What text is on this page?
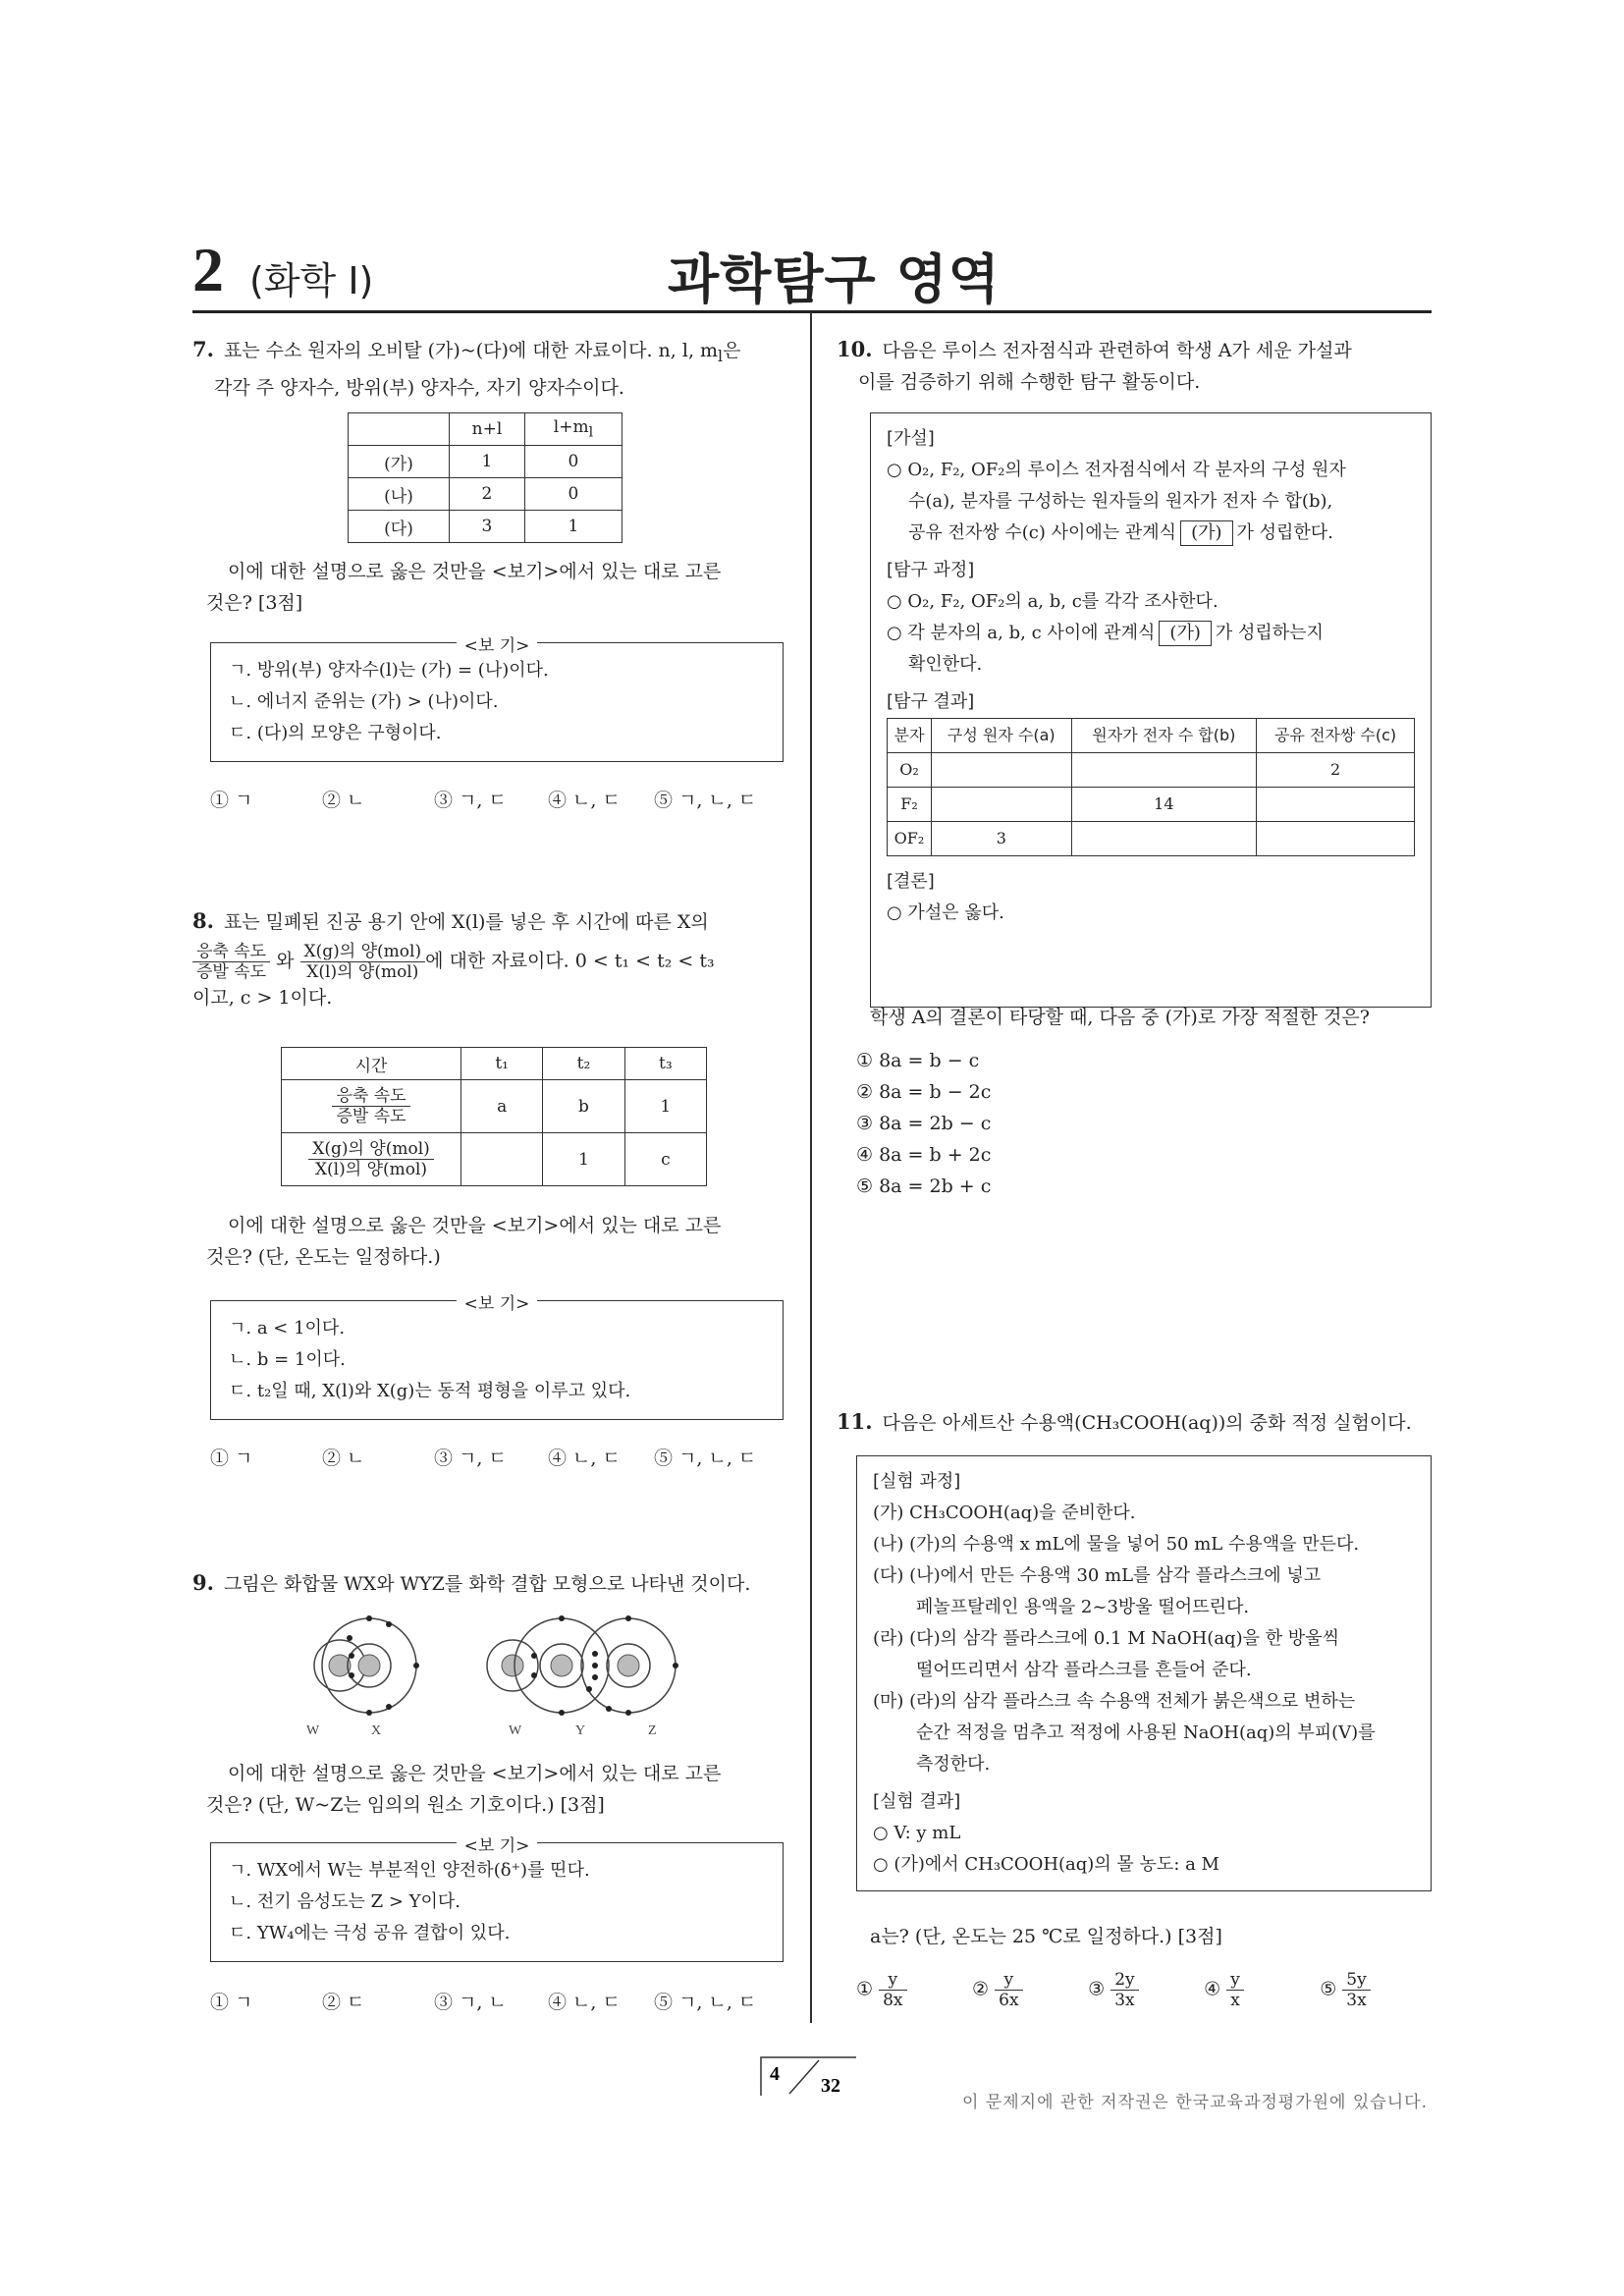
2 (화학 I)	과학탐구 영역
7. 표는 수소 원자의 오비탈 (가)~(다)에 대한 자료이다. n, l, $m_l$은
각각 주 양자수, 방위(부) 양자수, 자기 양자수이다.
	n+l	$l+m_l$
(가)	1	0
(나)	2	0
(다)	3	1
이에 대한 설명으로 옳은 것만을 <보기>에서 있는 대로 고른
것은? [3점]
<보 기>
ㄱ. 방위(부) 양자수(l)는 (가) = (나)이다.
ㄴ. 에너지 준위는 (가) > (나)이다.
ㄷ. (다)의 모양은 구형이다.
① ㄱ	② ㄴ	③ ㄱ, ㄷ	④ ㄴ, ㄷ	⑤ ㄱ, ㄴ, ㄷ
8. 표는 밀폐된 진공 용기 안에 X(l)를 넣은 후 시간에 따른 X의
$\frac{\text{응축 속도}}{\text{증발 속도}}$ 와 $\frac{\text{X(g)의 양(mol)}}{\text{X(l)의 양(mol)}}$ 에 대한 자료이다. 0 < t₁ < t₂ < t₃
이고, c > 1이다.
시간	t₁	t₂	t₃

$\frac{\text{응축 속도}}{\text{증발 속도}}$	a	b	1

$\frac{\text{X(g)의 양(mol)}}{\text{X(l)의 양(mol)}}$		1	c
이에 대한 설명으로 옳은 것만을 <보기>에서 있는 대로 고른
것은? (단, 온도는 일정하다.)
<보 기>
ㄱ. a < 1이다.
ㄴ. b = 1이다.
ㄷ. t₂일 때, X(l)와 X(g)는 동적 평형을 이루고 있다.
① ㄱ	② ㄴ	③ ㄱ, ㄷ	④ ㄴ, ㄷ	⑤ ㄱ, ㄴ, ㄷ
9. 그림은 화합물 WX와 WYZ를 화학 결합 모형으로 나타낸 것이다.
W	X	W	Y	Z
이에 대한 설명으로 옳은 것만을 <보기>에서 있는 대로 고른
것은? (단, W~Z는 임의의 원소 기호이다.) [3점]
<보 기>
ㄱ. WX에서 W는 부분적인 양전하(δ⁺)를 띤다.
ㄴ. 전기 음성도는 Z > Y이다.
ㄷ. YW₄에는 극성 공유 결합이 있다.
① ㄱ	② ㄷ	③ ㄱ, ㄴ	④ ㄴ, ㄷ	⑤ ㄱ, ㄴ, ㄷ
10. 다음은 루이스 전자점식과 관련하여 학생 A가 세운 가설과
이를 검증하기 위해 수행한 탐구 활동이다.
[가설]
○ O₂, F₂, OF₂의 루이스 전자점식에서 각 분자의 구성 원자
수(a), 분자를 구성하는 원자들의 원자가 전자 수 합(b),
공유 전자쌍 수(c) 사이에는 관계식 (가) 가 성립한다.
[탐구 과정]
○ O₂, F₂, OF₂의 a, b, c를 각각 조사한다.
○ 각 분자의 a, b, c 사이에 관계식 (가) 가 성립하는지
확인한다.
[탐구 결과]
분자	구성 원자 수(a)	원자가 전자 수 합(b)	공유 전자쌍 수(c)
O₂			2
F₂		14	
OF₂	3		
[결론]
○ 가설은 옳다.
학생 A의 결론이 타당할 때, 다음 중 (가)로 가장 적절한 것은?
① 8a = b − c
② 8a = b − 2c
③ 8a = 2b − c
④ 8a = b + 2c
⑤ 8a = 2b + c
11. 다음은 아세트산 수용액(CH₃COOH(aq))의 중화 적정 실험이다.
[실험 과정]
(가) CH₃COOH(aq)을 준비한다.
(나) (가)의 수용액 x mL에 물을 넣어 50 mL 수용액을 만든다.
(다) (나)에서 만든 수용액 30 mL를 삼각 플라스크에 넣고
페놀프탈레인 용액을 2~3방울 떨어뜨린다.
(라) (다)의 삼각 플라스크에 0.1 M NaOH(aq)을 한 방울씩
떨어뜨리면서 삼각 플라스크를 흔들어 준다.
(마) (라)의 삼각 플라스크 속 수용액 전체가 붉은색으로 변하는
순간 적정을 멈추고 적정에 사용된 NaOH(aq)의 부피(V)를
측정한다.
[실험 결과]
○ V: y mL
○ (가)에서 CH₃COOH(aq)의 몰 농도: a M
a는? (단, 온도는 25 ℃로 일정하다.) [3점]
① $\frac{y}{8x}$	② $\frac{y}{6x}$	③ $\frac{2y}{3x}$	④ $\frac{y}{x}$	⑤ $\frac{5y}{3x}$
4
32
이 문제지에 관한 저작권은 한국교육과정평가원에 있습니다.
